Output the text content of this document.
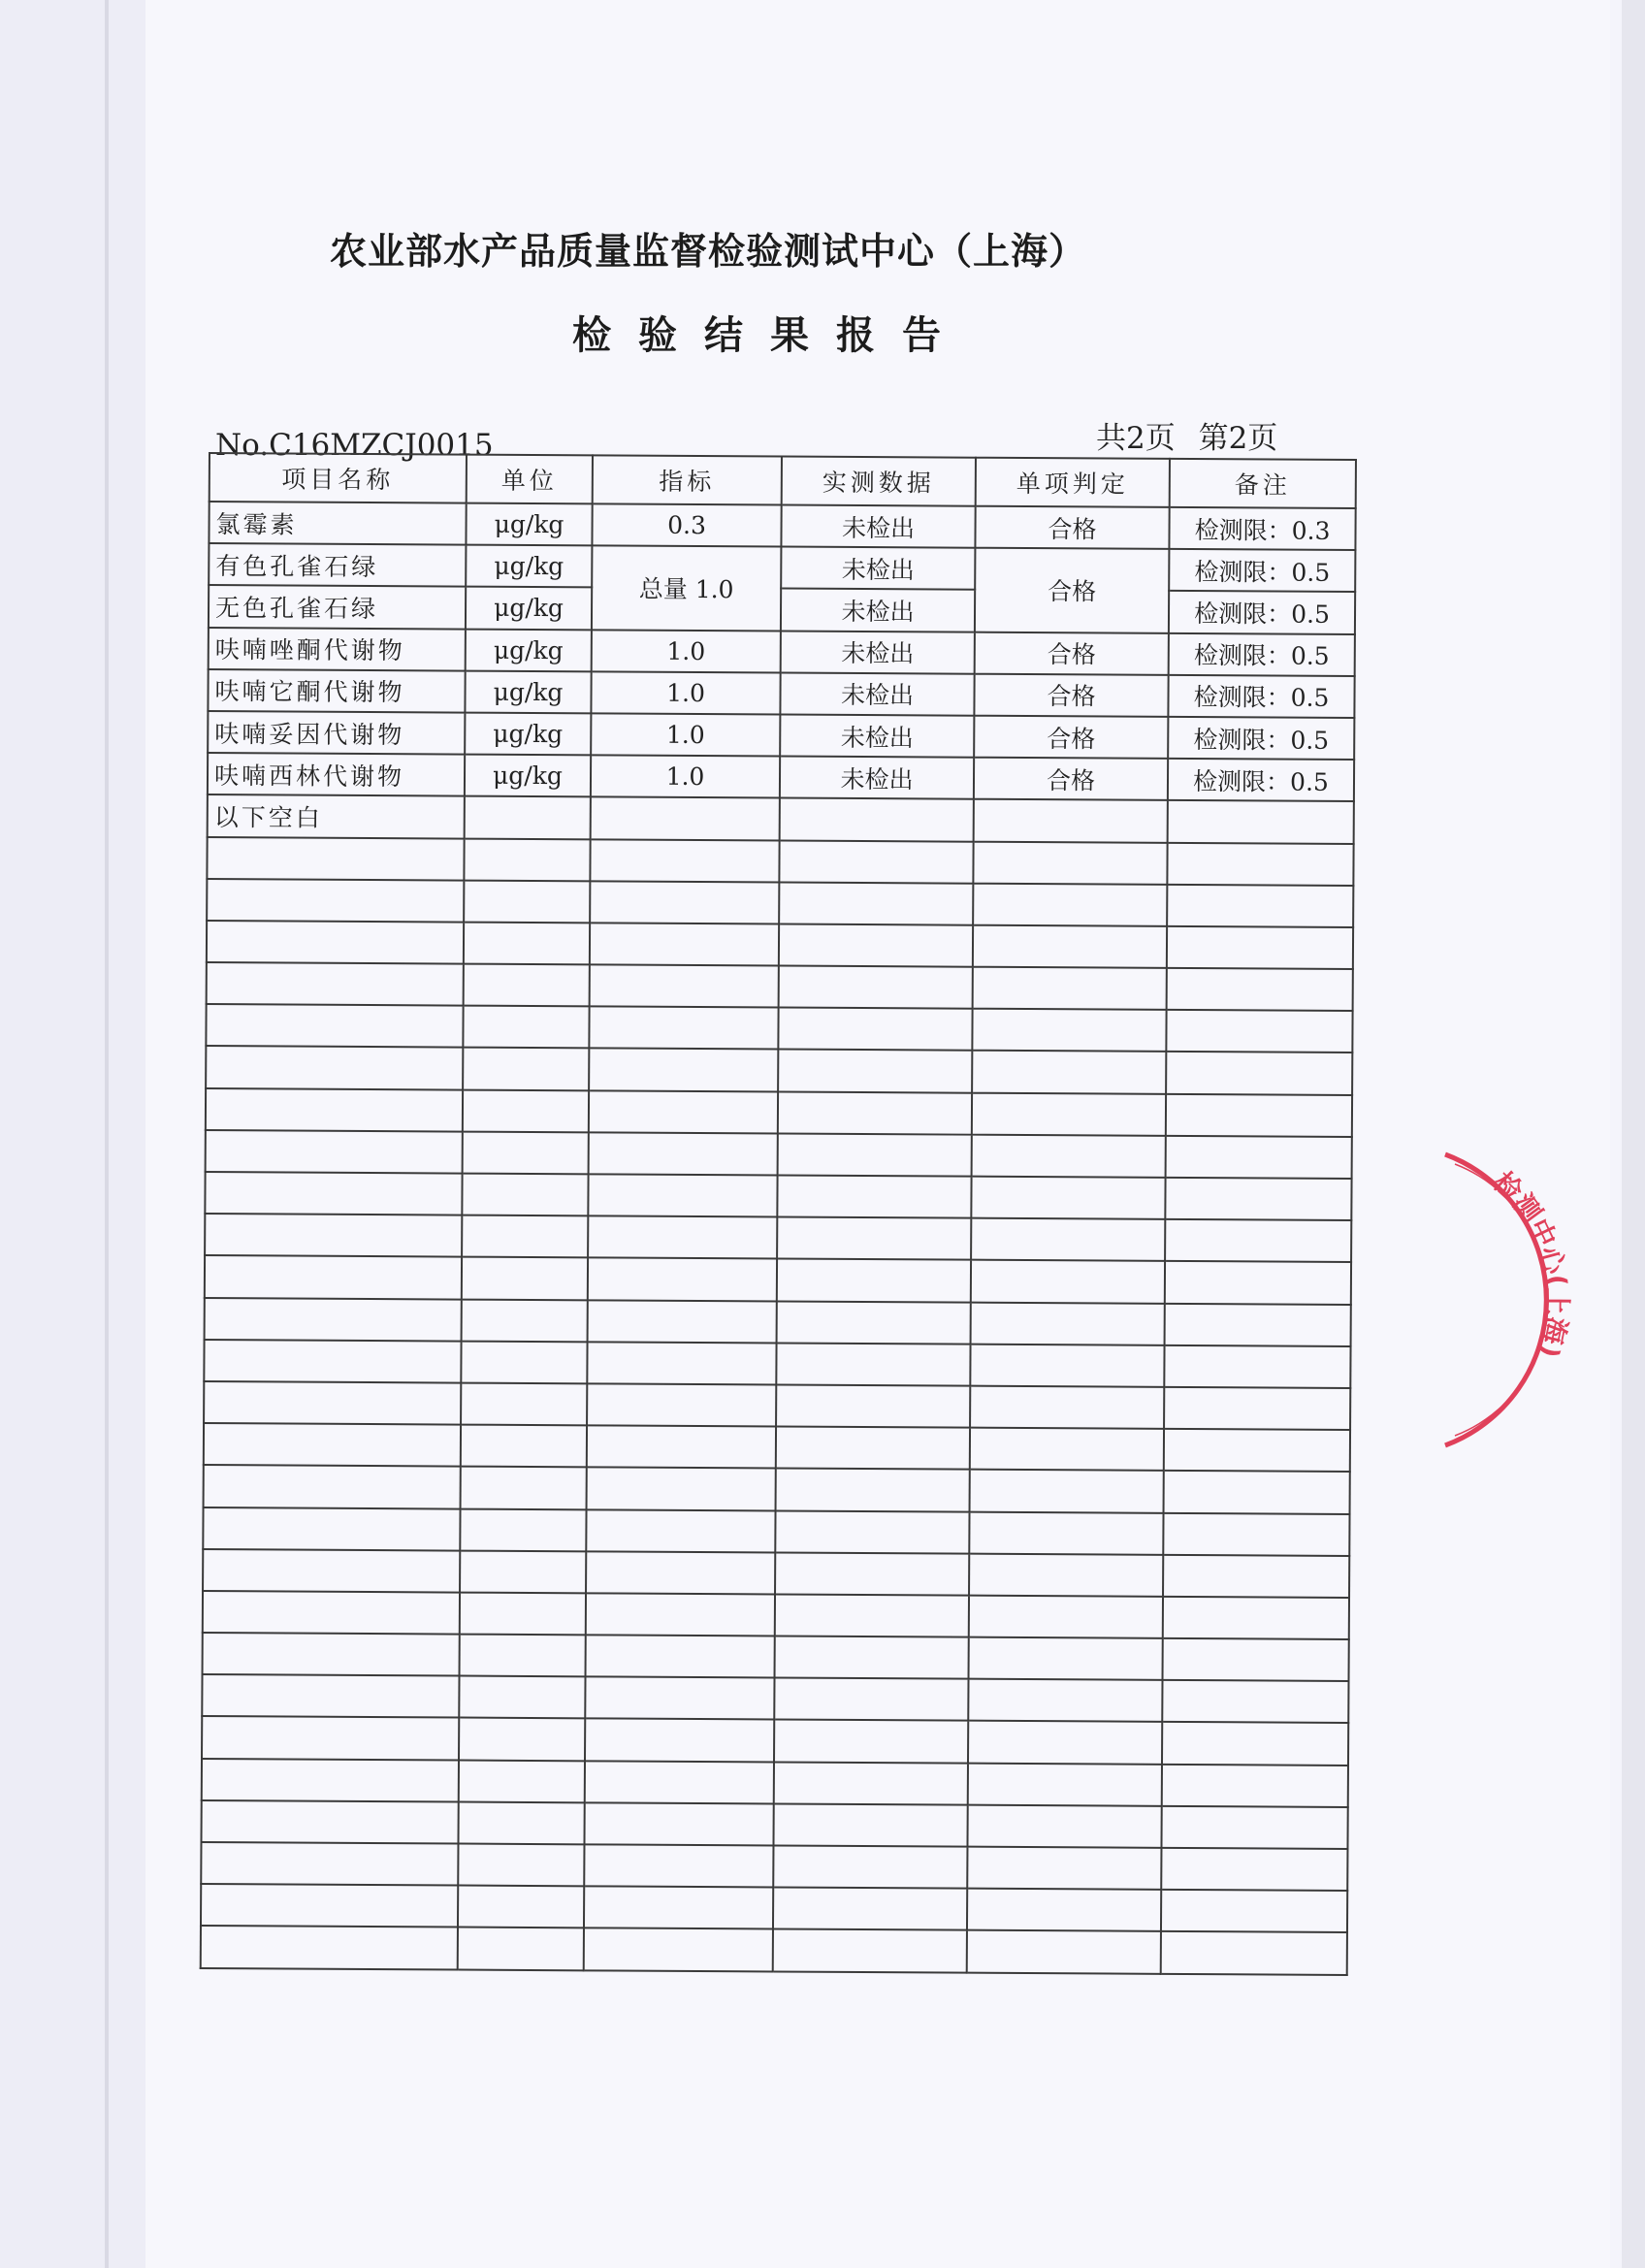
农业部水产品质量监督检验测试中心（上海）
检验结果报告
No.C16MZCJ0015	共2页 第2页
项目名称	单位	指标	实测数据	单项判定	备注
氯霉素	μg/kg	0.3	未检出	合格	检测限：0.3
有色孔雀石绿	μg/kg	总量 1.0	未检出	合格	检测限：0.5
无色孔雀石绿	μg/kg		未检出		检测限：0.5
呋喃唑酮代谢物	μg/kg	1.0	未检出	合格	检测限：0.5
呋喃它酮代谢物	μg/kg	1.0	未检出	合格	检测限：0.5
呋喃妥因代谢物	μg/kg	1.0	未检出	合格	检测限：0.5
呋喃西林代谢物	μg/kg	1.0	未检出	合格	检测限：0.5
以下空白					

检测中心(上海)
